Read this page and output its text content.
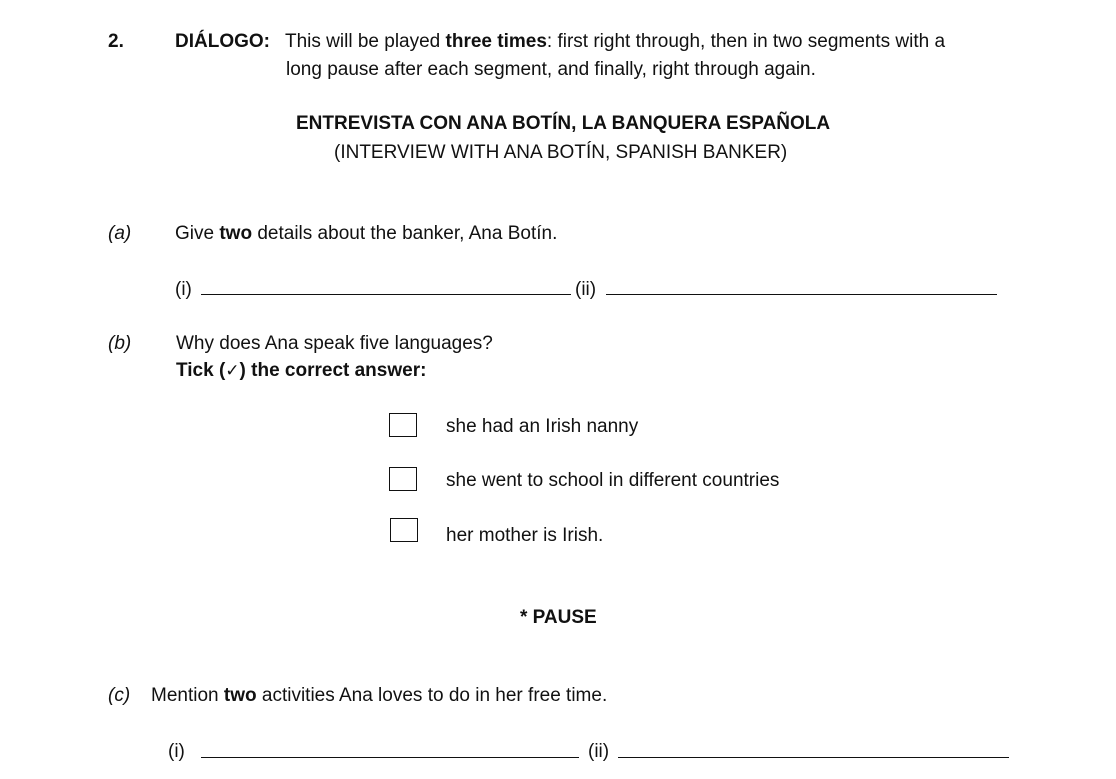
2.	DIÁLOGO: This will be played three times: first right through, then in two segments with a
long pause after each segment, and finally, right through again.
ENTREVISTA CON ANA BOTÍN, LA BANQUERA ESPAÑOLA
(INTERVIEW WITH ANA BOTÍN, SPANISH BANKER)
(a) Give two details about the banker, Ana Botín.
(i)	(ii)
(b) Why does Ana speak five languages?
Tick (✓) the correct answer:
she had an Irish nanny
she went to school in different countries
her mother is Irish.
* PAUSE
(c) Mention two activities Ana loves to do in her free time.
(i)	(ii)
